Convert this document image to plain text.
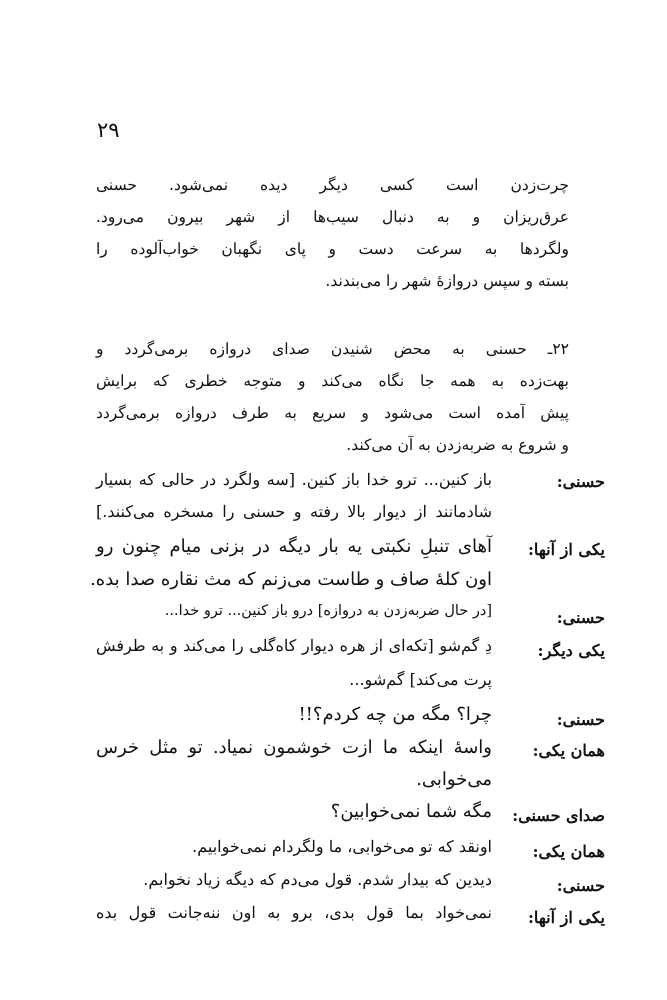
۲۹
چرت‌زدن است کسی دیگر دیده نمی‌شود. حسنی
عرق‌ریزان و به دنبال سیب‌ها از شهر بیرون می‌رود.
ولگردها به سرعت دست و پای نگهبان خواب‌آلوده را
بسته و سپس دروازهٔ شهر را می‌بندند.
۲۲ـ حسنی به محض شنیدن صدای دروازه برمی‌گردد و
بهت‌زده به همه جا نگاه می‌کند و متوجه خطری که برایش
پیش آمده است می‌شود و سریع به طرف دروازه برمی‌گردد
و شروع به ضربه‌زدن به آن می‌کند.
حسنی:
باز کنین... ترو خدا باز کنین. [سه ولگرد در حالی که بسیار
شادمانند از دیوار بالا رفته و حسنی را مسخره می‌کنند.]
یکی از آنها:
آهای تنبلِ نکبتی یه بار دیگه در بزنی میام چنون رو
اون کلهٔ صاف و طاست می‌زنم که مث نقاره صدا بده.
حسنی:
[در حال ضربه‌زدن به دروازه] درو باز کنین... ترو خدا...
یکی دیگر:
دِ گم‌شو [تکه‌ای از هره دیوار کاه‌گلی را می‌کند و به طرفش
پرت می‌کند] گم‌شو...
حسنی:
چرا؟ مگه من چه کردم؟!!
همان یکی:
واسهٔ اینکه ما ازت خوشمون نمیاد. تو مثل خرس
می‌خوابی.
صدای حسنی:
مگه شما نمی‌خوابین؟
همان یکی:
اونقد که تو می‌خوابی، ما ولگردام نمی‌خوابیم.
حسنی:
دیدین که بیدار شدم. قول می‌دم که دیگه زیاد نخوابم.
یکی از آنها:
نمی‌خواد بما قول بدی، برو به اون ننه‌جانت قول بده
